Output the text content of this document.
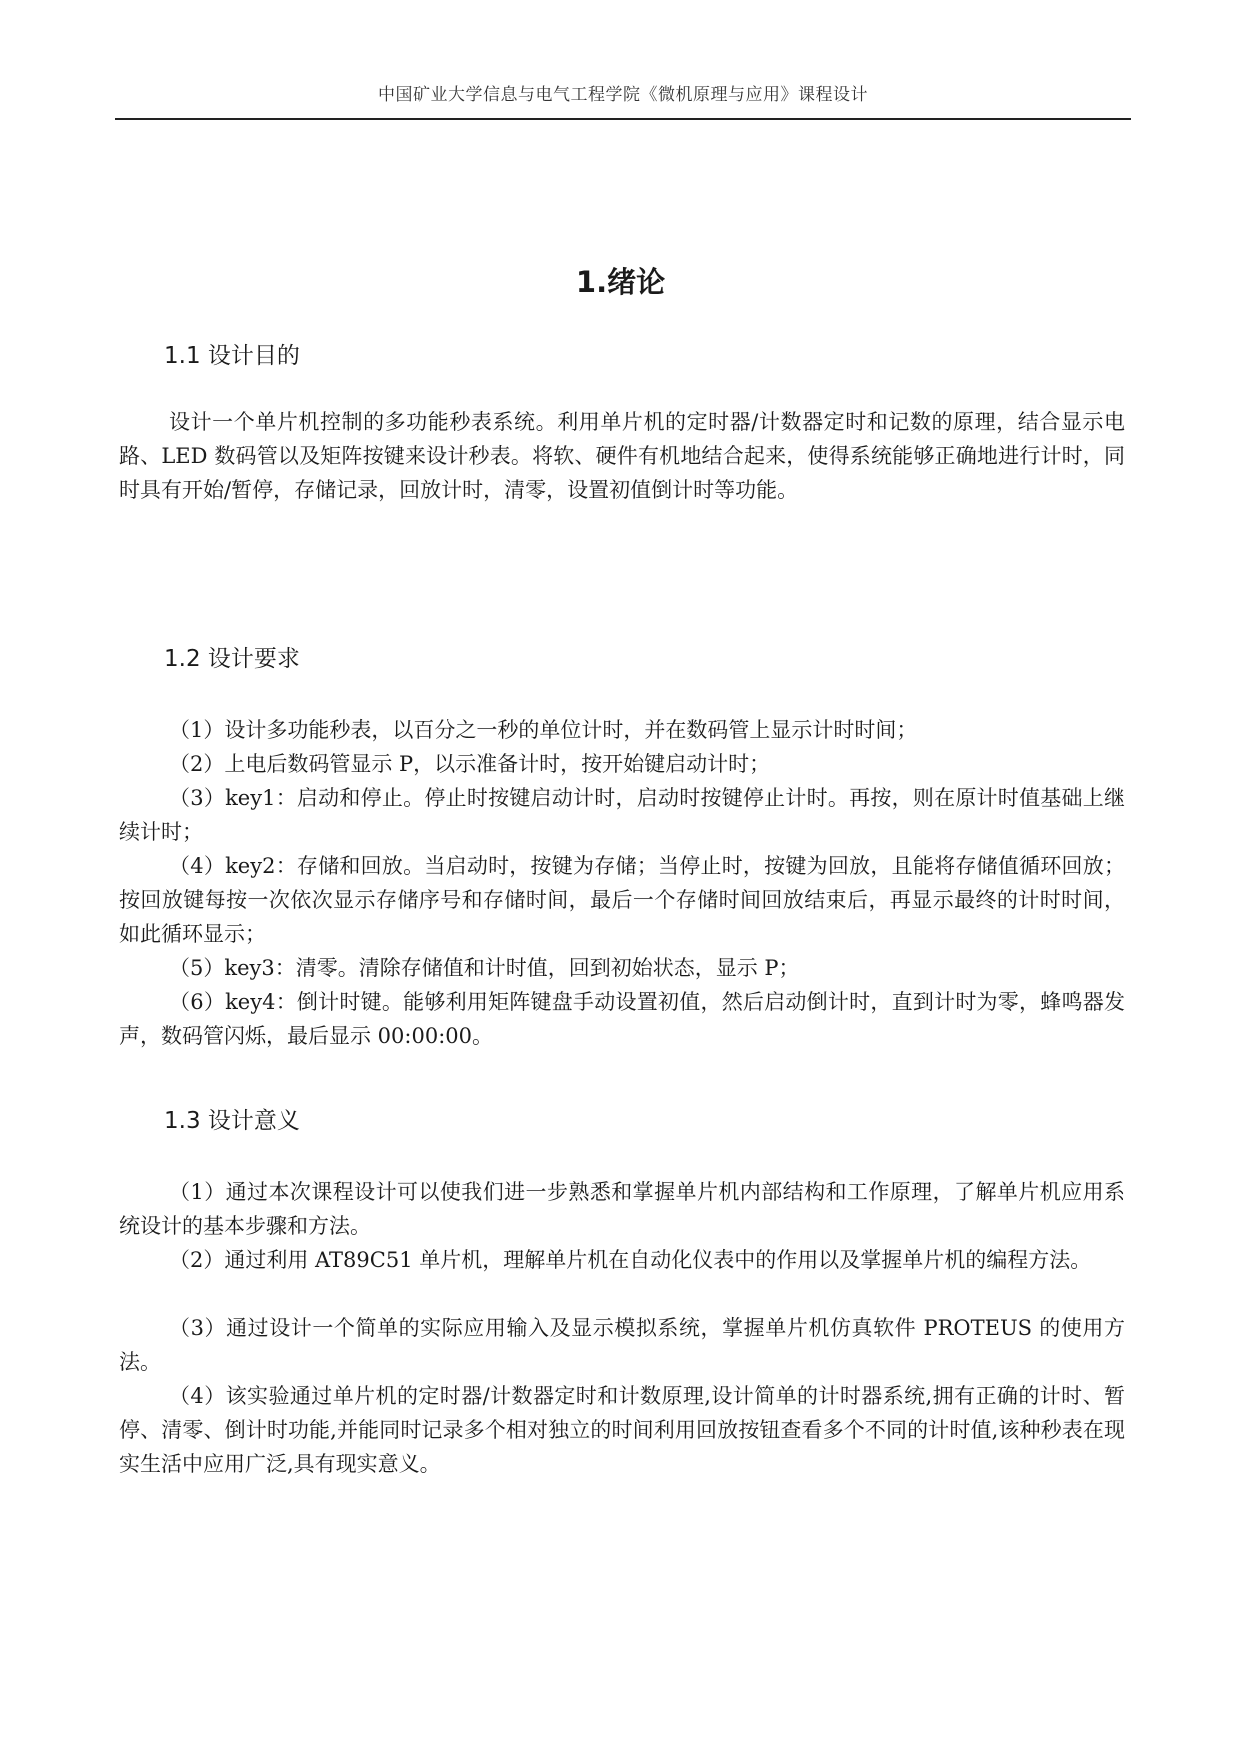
中国矿业大学信息与电气工程学院《微机原理与应用》课程设计
1.绪论
1.1 设计目的

设计一个单片机控制的多功能秒表系统。利用单片机的定时器/计数器定时和记数的原理，结合显示电路、LED 数码管以及矩阵按键来设计秒表。将软、硬件有机地结合起来，使得系统能够正确地进行计时，同时具有开始/暂停，存储记录，回放计时，清零，设置初值倒计时等功能。

1.2 设计要求

（1）设计多功能秒表，以百分之一秒的单位计时，并在数码管上显示计时时间；

（2）上电后数码管显示 P，以示准备计时，按开始键启动计时；

（3）key1：启动和停止。停止时按键启动计时，启动时按键停止计时。再按，则在原计时值基础上继续计时；

（4）key2：存储和回放。当启动时，按键为存储；当停止时，按键为回放，且能将存储值循环回放；按回放键每按一次依次显示存储序号和存储时间，最后一个存储时间回放结束后，再显示最终的计时时间，如此循环显示；

（5）key3：清零。清除存储值和计时值，回到初始状态，显示 P；

（6）key4：倒计时键。能够利用矩阵键盘手动设置初值，然后启动倒计时，直到计时为零，蜂鸣器发声，数码管闪烁，最后显示 00:00:00。

1.3 设计意义

（1）通过本次课程设计可以使我们进一步熟悉和掌握单片机内部结构和工作原理，了解单片机应用系统设计的基本步骤和方法。

（2）通过利用 AT89C51 单片机，理解单片机在自动化仪表中的作用以及掌握单片机的编程方法。

（3）通过设计一个简单的实际应用输入及显示模拟系统，掌握单片机仿真软件 PROTEUS 的使用方法。

（4）该实验通过单片机的定时器/计数器定时和计数原理,设计简单的计时器系统,拥有正确的计时、暂停、清零、倒计时功能,并能同时记录多个相对独立的时间利用回放按钮查看多个不同的计时值,该种秒表在现实生活中应用广泛,具有现实意义。
